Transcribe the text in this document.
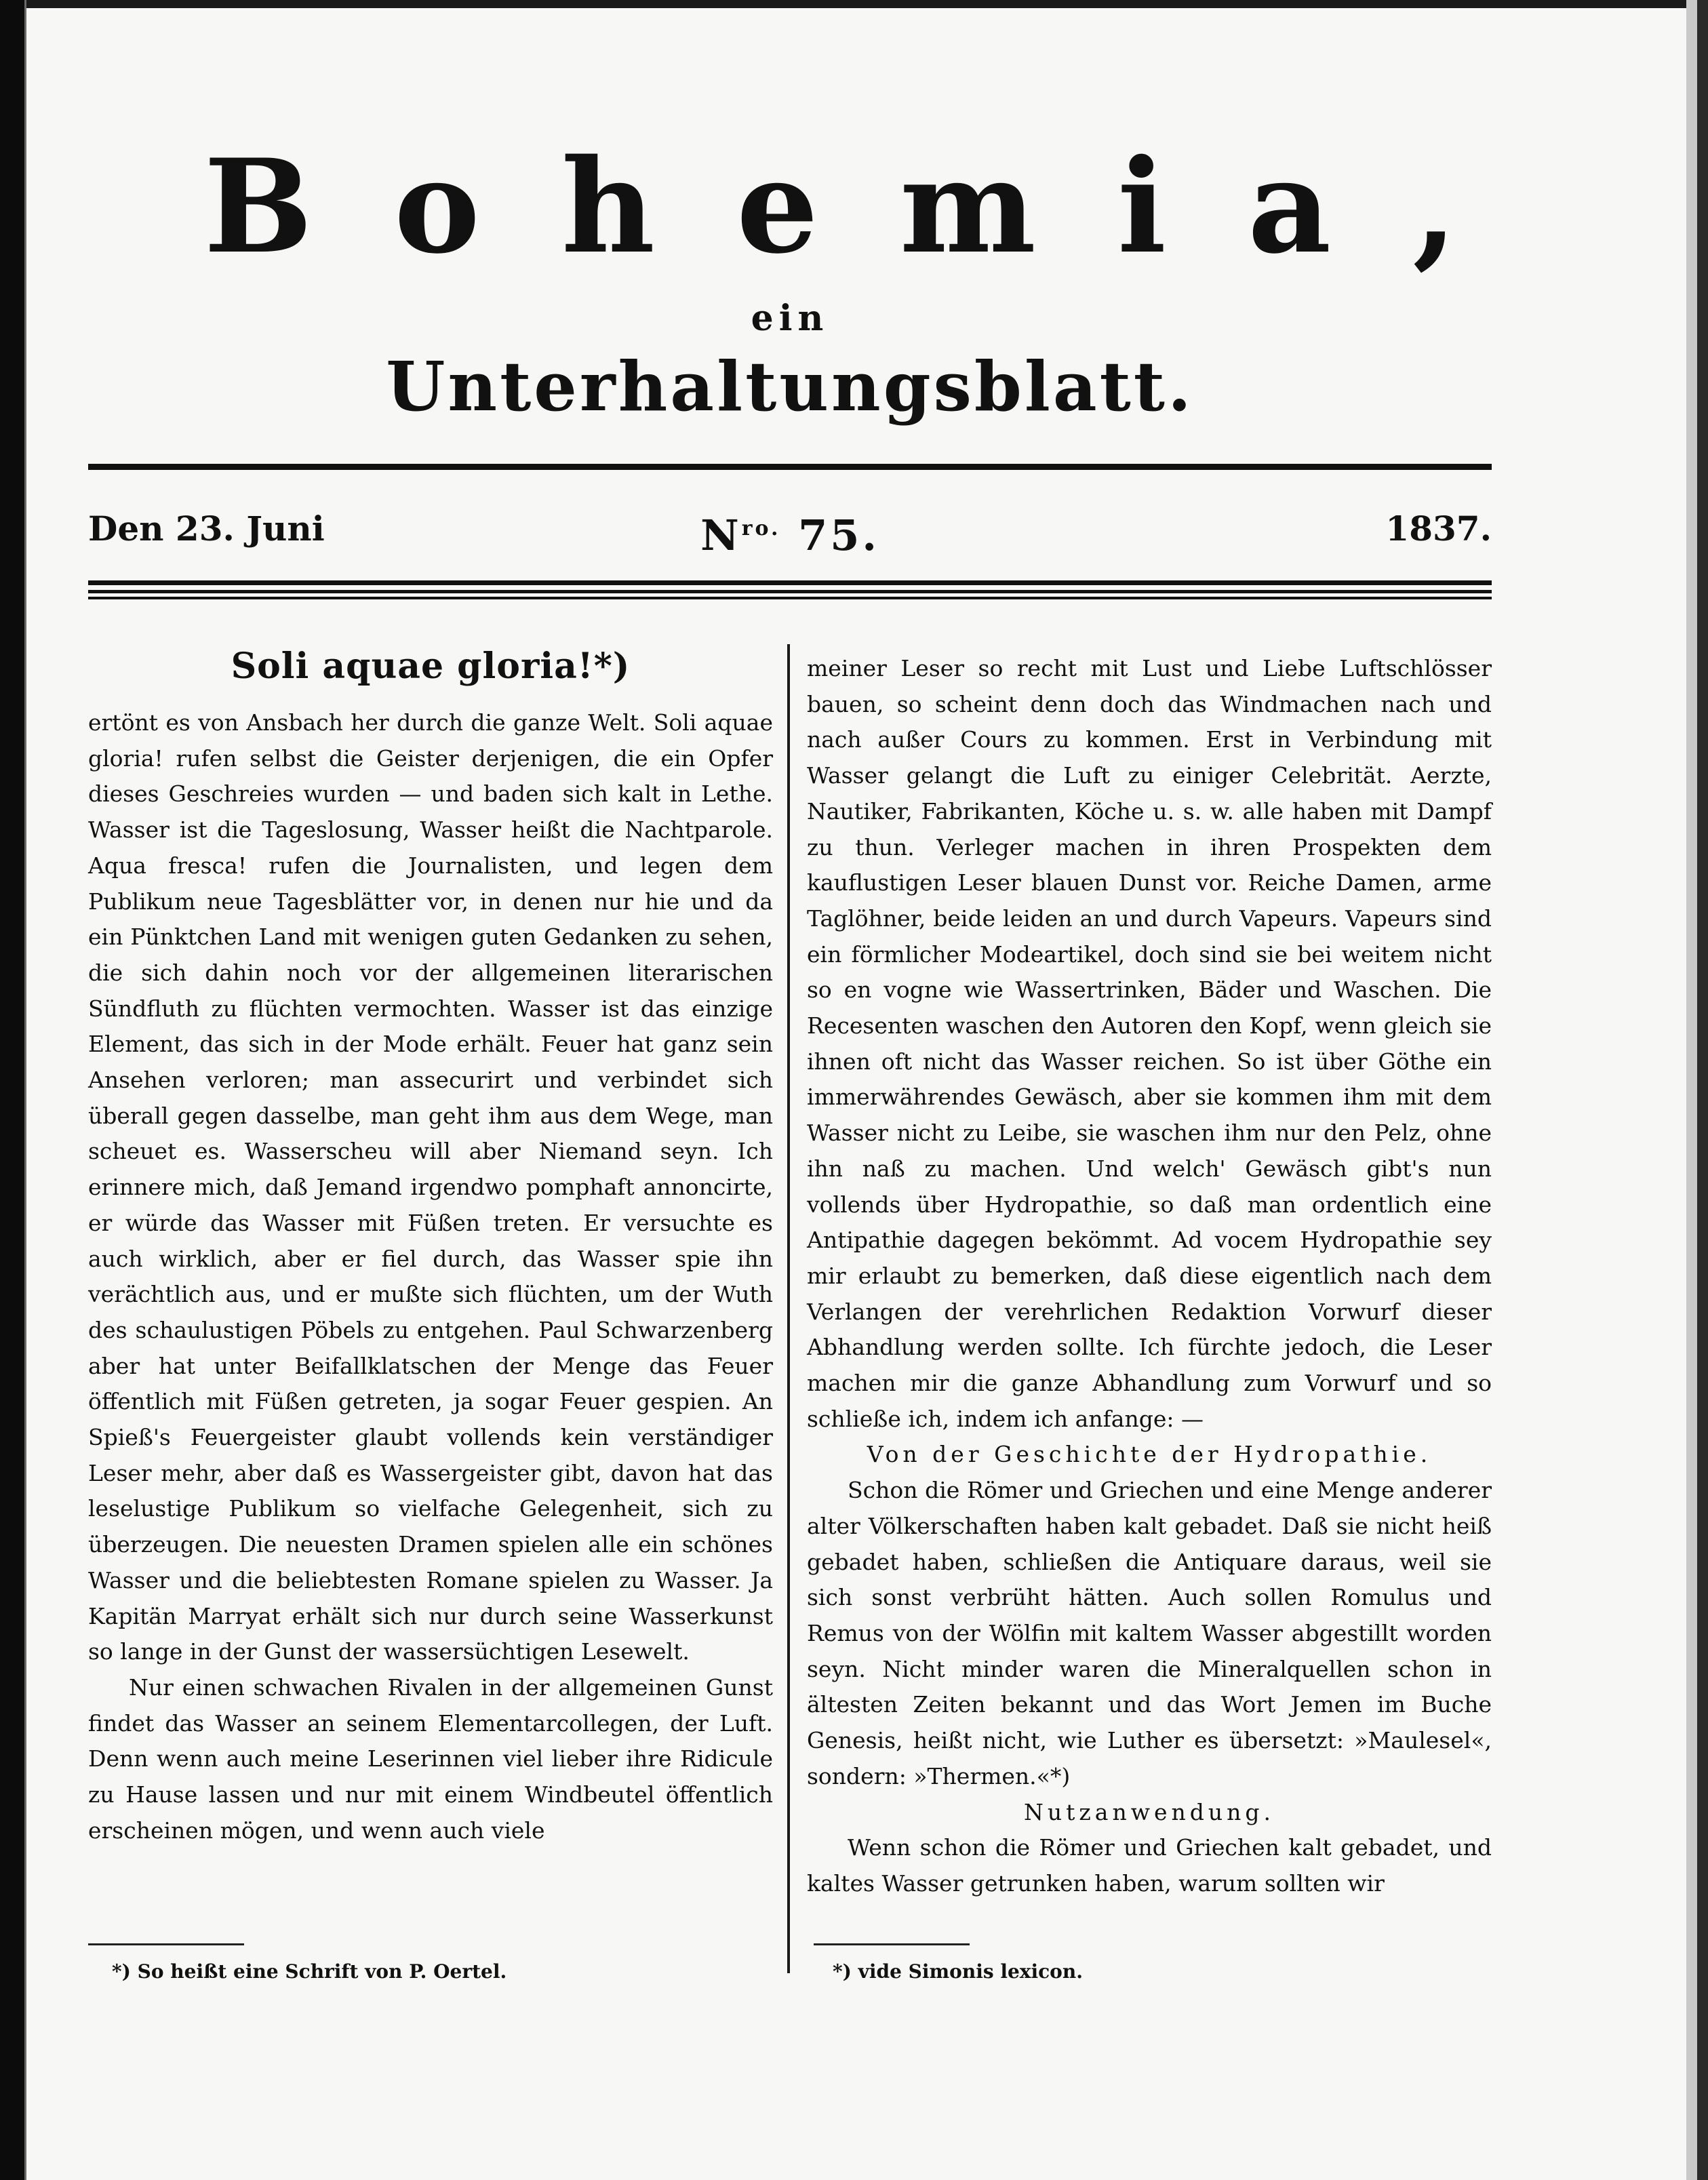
Bohemia,
ein
Unterhaltungsblatt.
Den 23. Juni	$N^{ro.}$ 75.	1837.
Soli aquae gloria!*)

ertönt es von Ansbach her durch die ganze Welt. Soli aquae gloria! rufen selbst die Geister derjenigen, die ein Opfer dieses Geschreies wurden — und baden sich kalt in Lethe. Wasser ist die Tageslosung, Wasser heißt die Nachtparole. Aqua fresca! rufen die Journalisten, und legen dem Publikum neue Tagesblätter vor, in denen nur hie und da ein Pünktchen Land mit wenigen guten Gedanken zu sehen, die sich dahin noch vor der allgemeinen literarischen Sündfluth zu flüchten vermochten. Wasser ist das einzige Element, das sich in der Mode erhält. Feuer hat ganz sein Ansehen verloren; man assecurirt und verbindet sich überall gegen dasselbe, man geht ihm aus dem Wege, man scheuet es. Wasserscheu will aber Niemand seyn. Ich erinnere mich, daß Jemand irgendwo pomphaft annoncirte, er würde das Wasser mit Füßen treten. Er versuchte es auch wirklich, aber er fiel durch, das Wasser spie ihn verächtlich aus, und er mußte sich flüchten, um der Wuth des schaulustigen Pöbels zu entgehen. Paul Schwarzenberg aber hat unter Beifallklatschen der Menge das Feuer öffentlich mit Füßen getreten, ja sogar Feuer gespien. An Spieß's Feuergeister glaubt vollends kein verständiger Leser mehr, aber daß es Wassergeister gibt, davon hat das leselustige Publikum so vielfache Gelegenheit, sich zu überzeugen. Die neuesten Dramen spielen alle ein schönes Wasser und die beliebtesten Romane spielen zu Wasser. Ja Kapitän Marryat erhält sich nur durch seine Wasserkunst so lange in der Gunst der wassersüchtigen Lesewelt.

Nur einen schwachen Rivalen in der allgemeinen Gunst findet das Wasser an seinem Elementarcollegen, der Luft. Denn wenn auch meine Leserinnen viel lieber ihre Ridicule zu Hause lassen und nur mit einem Windbeutel öffentlich erscheinen mögen, und wenn auch viele

meiner Leser so recht mit Lust und Liebe Luftschlösser bauen, so scheint denn doch das Windmachen nach und nach außer Cours zu kommen. Erst in Verbindung mit Wasser gelangt die Luft zu einiger Celebrität. Aerzte, Nautiker, Fabrikanten, Köche u. s. w. alle haben mit Dampf zu thun. Verleger machen in ihren Prospekten dem kauflustigen Leser blauen Dunst vor. Reiche Damen, arme Taglöhner, beide leiden an und durch Vapeurs. Vapeurs sind ein förmlicher Modeartikel, doch sind sie bei weitem nicht so en vogne wie Wassertrinken, Bäder und Waschen. Die Recesenten waschen den Autoren den Kopf, wenn gleich sie ihnen oft nicht das Wasser reichen. So ist über Göthe ein immerwährendes Gewäsch, aber sie kommen ihm mit dem Wasser nicht zu Leibe, sie waschen ihm nur den Pelz, ohne ihn naß zu machen. Und welch' Gewäsch gibt's nun vollends über Hydropathie, so daß man ordentlich eine Antipathie dagegen bekömmt. Ad vocem Hydropathie sey mir erlaubt zu bemerken, daß diese eigentlich nach dem Verlangen der verehrlichen Redaktion Vorwurf dieser Abhandlung werden sollte. Ich fürchte jedoch, die Leser machen mir die ganze Abhandlung zum Vorwurf und so schließe ich, indem ich anfange: —

Von der Geschichte der Hydropathie.

Schon die Römer und Griechen und eine Menge anderer alter Völkerschaften haben kalt gebadet. Daß sie nicht heiß gebadet haben, schließen die Antiquare daraus, weil sie sich sonst verbrüht hätten. Auch sollen Romulus und Remus von der Wölfin mit kaltem Wasser abgestillt worden seyn. Nicht minder waren die Mineralquellen schon in ältesten Zeiten bekannt und das Wort Jemen im Buche Genesis, heißt nicht, wie Luther es übersetzt: »Maulesel«, sondern: »Thermen.«*)

Nutzanwendung.

Wenn schon die Römer und Griechen kalt gebadet, und kaltes Wasser getrunken haben, warum sollten wir

*) So heißt eine Schrift von P. Oertel.	*) vide Simonis lexicon.
